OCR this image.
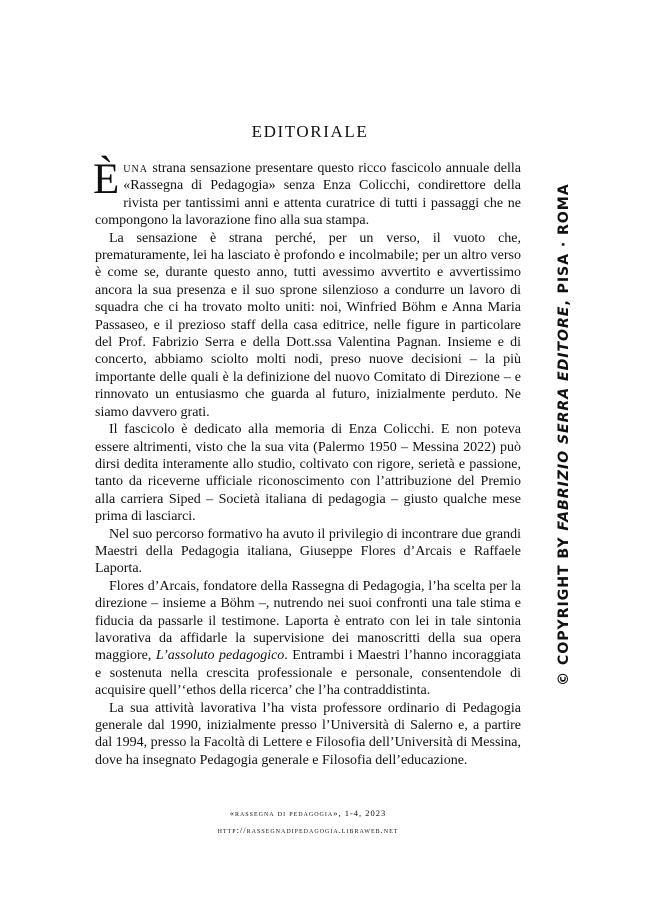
EDITORIALE

Èuna strana sensazione presentare questo ricco fascicolo annuale della «Rassegna di Pedagogia» senza Enza Colicchi, condirettore della rivista per tantissimi anni e attenta curatrice di tutti i passaggi che ne compongono la lavorazione fino alla sua stampa.

La sensazione è strana perché, per un verso, il vuoto che, prematuramente, lei ha lasciato è profondo e incolmabile; per un altro verso è come se, durante questo anno, tutti avessimo avvertito e avvertissimo ancora la sua presenza e il suo sprone silenzioso a condurre un lavoro di squadra che ci ha trovato molto uniti: noi, Winfried Böhm e Anna Maria Passaseo, e il prezioso staff della casa editrice, nelle figure in particolare del Prof. Fabrizio Serra e della Dott.ssa Valentina Pagnan. Insieme e di concerto, abbiamo sciolto molti nodi, preso nuove decisioni – la più importante delle quali è la definizione del nuovo Comitato di Direzione – e rinnovato un entusiasmo che guarda al futuro, inizialmente perduto. Ne siamo davvero grati.

Il fascicolo è dedicato alla memoria di Enza Colicchi. E non poteva essere altrimenti, visto che la sua vita (Palermo 1950 – Messina 2022) può dirsi dedita interamente allo studio, coltivato con rigore, serietà e passione, tanto da riceverne ufficiale riconoscimento con l’attribuzione del Premio alla carriera Siped – Società italiana di pedagogia – giusto qualche mese prima di lasciarci.

Nel suo percorso formativo ha avuto il privilegio di incontrare due grandi Maestri della Pedagogia italiana, Giuseppe Flores d’Arcais e Raffaele Laporta.

Flores d’Arcais, fondatore della Rassegna di Pedagogia, l’ha scelta per la direzione – insieme a Böhm –, nutrendo nei suoi confronti una tale stima e fiducia da passarle il testimone. Laporta è entrato con lei in tale sintonia lavorativa da affidarle la supervisione dei manoscritti della sua opera maggiore, L’assoluto pedagogico. Entrambi i Maestri l’hanno incoraggiata e sostenuta nella crescita professionale e personale, consentendole di acquisire quell’‘ethos della ricerca’ che l’ha contraddistinta.

La sua attività lavorativa l’ha vista professore ordinario di Pedagogia generale dal 1990, inizialmente presso l’Università di Salerno e, a partire dal 1994, presso la Facoltà di Lettere e Filosofia dell’Università di Messina, dove ha insegnato Pedagogia generale e Filosofia dell’educazione.

«rassegna di pedagogia», 1-4, 2023
http://rassegnadipedagogia.libraweb.net
© COPYRIGHT BY FABRIZIO SERRA EDITORE, PISA · ROMA
